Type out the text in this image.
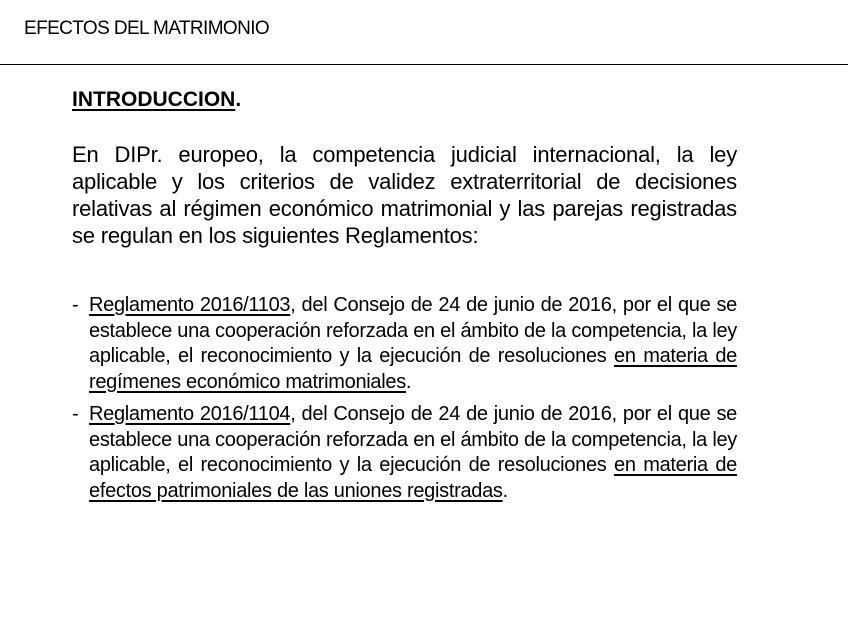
EFECTOS DEL MATRIMONIO
INTRODUCCION.

En DIPr. europeo, la competencia judicial internacional, la ley aplicable y los criterios de validez extraterritorial de decisiones relativas al régimen económico matrimonial y las parejas registradas se regulan en los siguientes Reglamentos:

- Reglamento 2016/1103, del Consejo de 24 de junio de 2016, por el que se establece una cooperación reforzada en el ámbito de la competencia, la ley aplicable, el reconocimiento y la ejecución de resoluciones en materia de regímenes económico matrimoniales.
- Reglamento 2016/1104, del Consejo de 24 de junio de 2016, por el que se establece una cooperación reforzada en el ámbito de la competencia, la ley aplicable, el reconocimiento y la ejecución de resoluciones en materia de efectos patrimoniales de las uniones registradas.
